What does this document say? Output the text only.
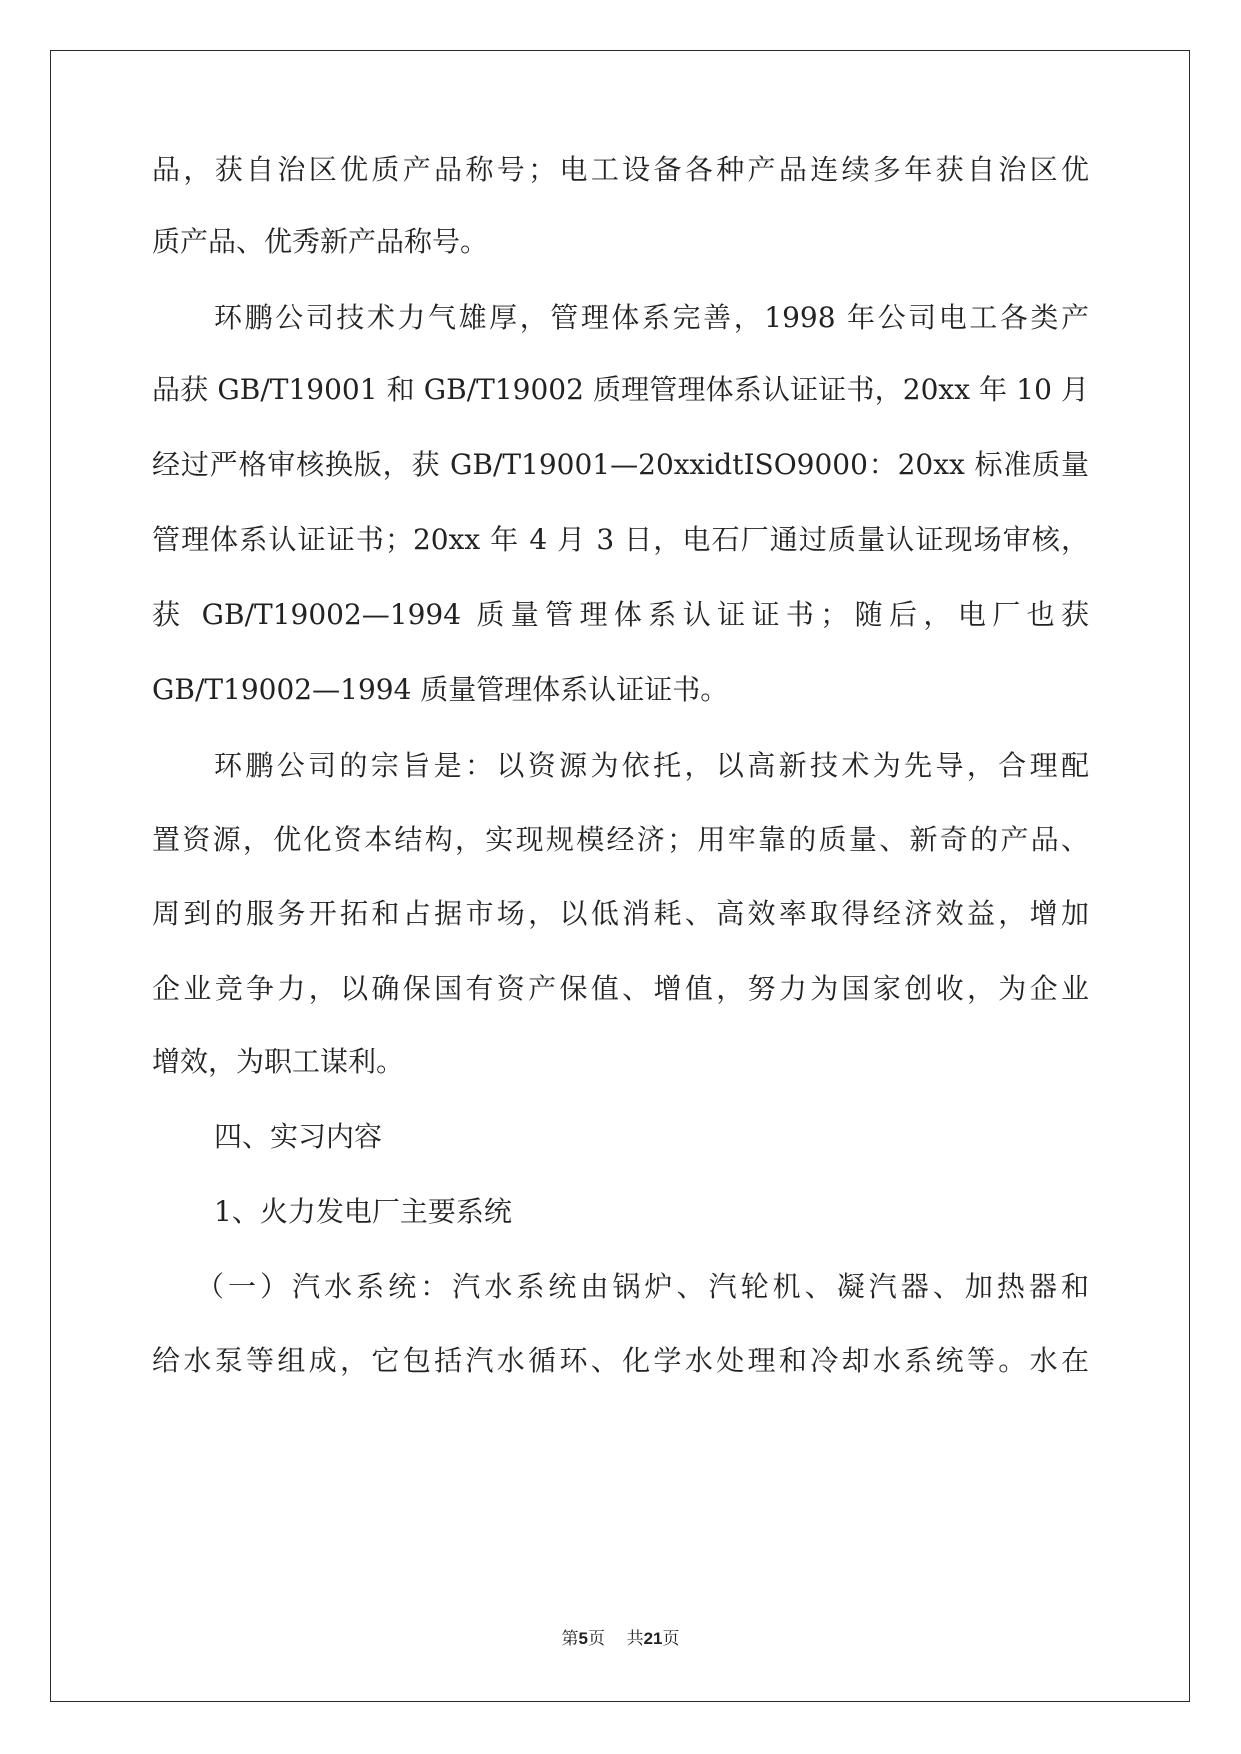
品，获自治区优质产品称号；电工设备各种产品连续多年获自治区优
质产品、优秀新产品称号。
环鹏公司技术力气雄厚，管理体系完善，1998 年公司电工各类产
品获 GB/T19001 和 GB/T19002 质理管理体系认证证书，20xx 年 10 月
经过严格审核换版，获 GB/T19001—20xxidtISO9000：20xx 标准质量
管理体系认证证书；20xx 年 4 月 3 日，电石厂通过质量认证现场审核，
获 GB/T19002—1994 质量管理体系认证证书；随后，电厂也获
GB/T19002—1994 质量管理体系认证证书。
环鹏公司的宗旨是：以资源为依托，以高新技术为先导，合理配
置资源，优化资本结构，实现规模经济；用牢靠的质量、新奇的产品、
周到的服务开拓和占据市场，以低消耗、高效率取得经济效益，增加
企业竞争力，以确保国有资产保值、增值，努力为国家创收，为企业
增效，为职工谋利。
四、实习内容
1、火力发电厂主要系统
（一）汽水系统：汽水系统由锅炉、汽轮机、凝汽器、加热器和
给水泵等组成，它包括汽水循环、化学水处理和冷却水系统等。水在
第5页 共21页
